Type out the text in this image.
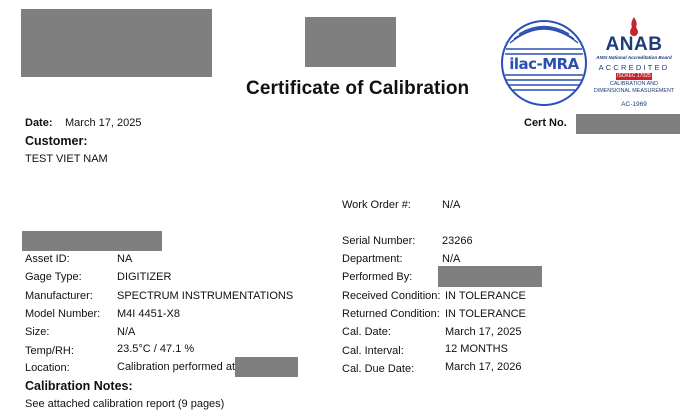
Certificate of Calibration
ilac-MRA
ANAB
ANSI National Accreditation Board
ACCREDITED
ISO/IEC 17025
CALIBRATION AND
DIMENSIONAL MEASUREMENT
AC-1969
Date: March 17, 2025	Cert No.
Customer:
TEST VIET NAM
Asset ID:	NA
Gage Type:	DIGITIZER
Manufacturer: SPECTRUM INSTRUMENTATIONS
Model Number: M4I 4451-X8
Size:	N/A
Temp/RH:	23.5°C / 47.1 %
Location:	Calibration performed at
Work Order #:	N/A
Serial Number: 23266
Department:	N/A
Performed By:
Received Condition: IN TOLERANCE
Returned Condition: IN TOLERANCE
Cal. Date:	March 17, 2025
Cal. Interval:	12 MONTHS
Cal. Due Date:	March 17, 2026
Calibration Notes:
See attached calibration report (9 pages)
